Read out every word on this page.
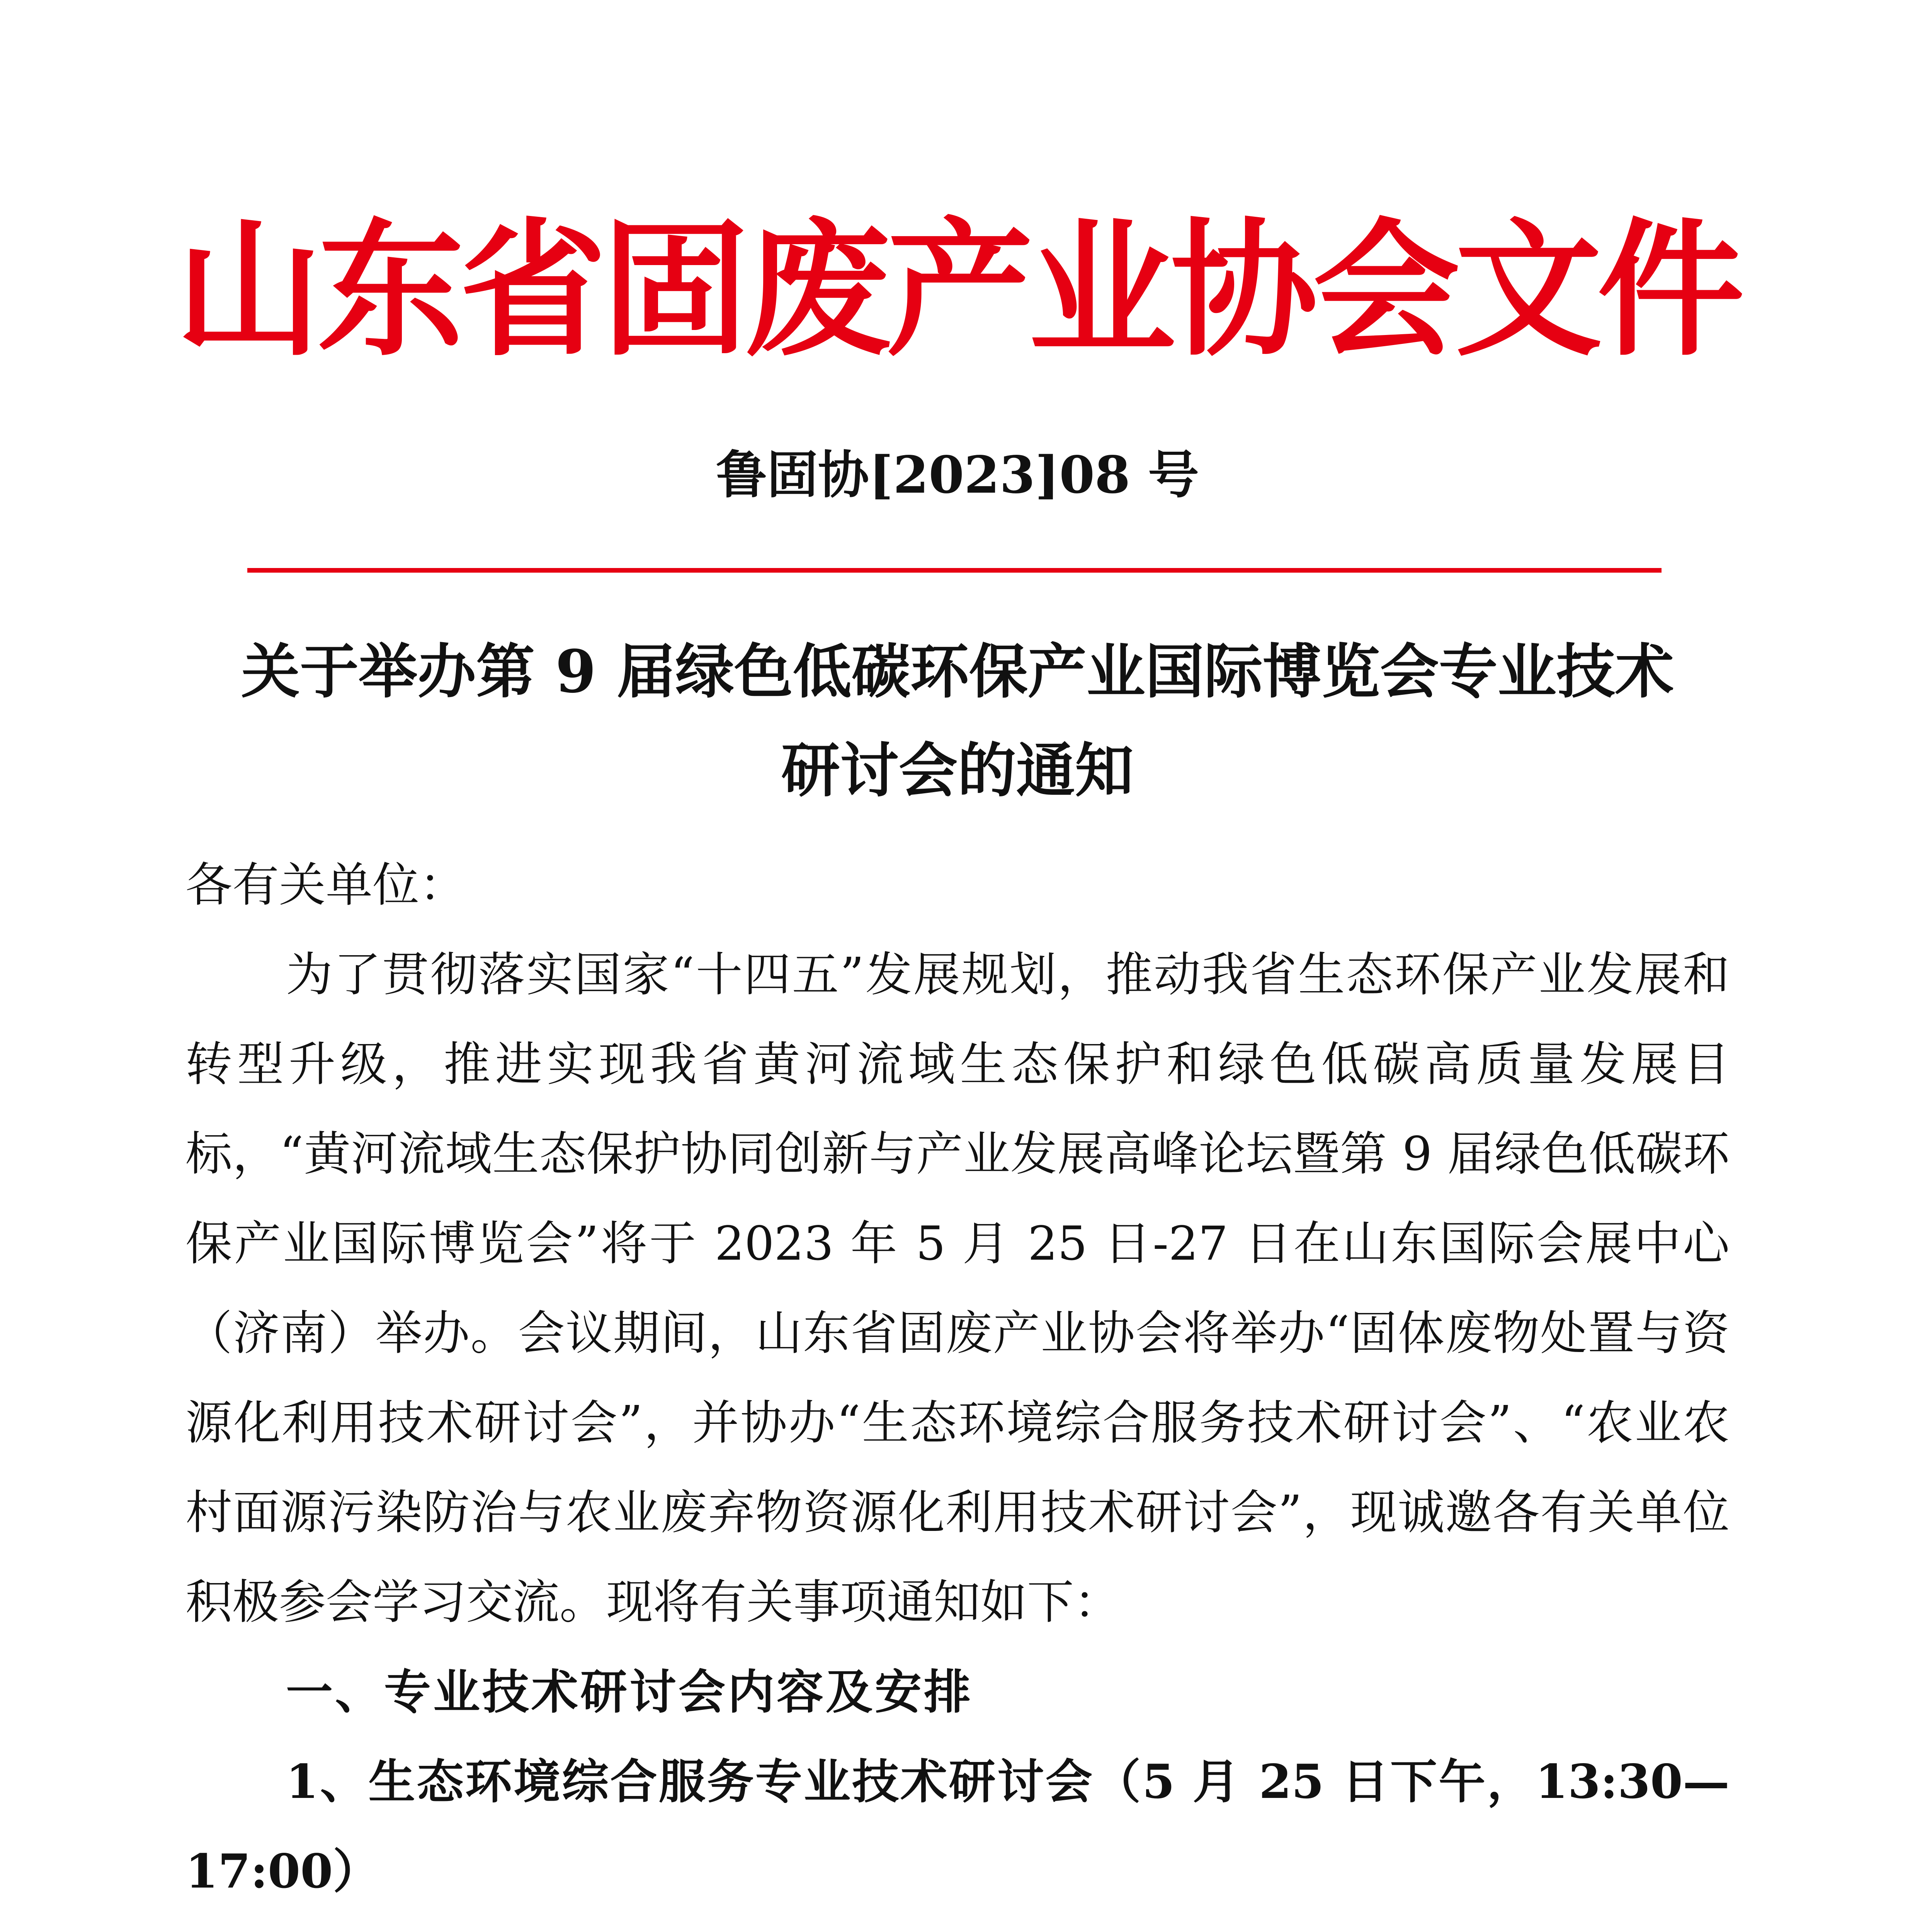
山东省固废产业协会文件
鲁固协[2023]08 号
关于举办第 9 届绿色低碳环保产业国际博览会专业技术
研讨会的通知

各有关单位：

为了贯彻落实国家“十四五”发展规划，推动我省生态环保产业发展和转型升级，推进实现我省黄河流域生态保护和绿色低碳高质量发展目标，“黄河流域生态保护协同创新与产业发展高峰论坛暨第 9 届绿色低碳环保产业国际博览会”将于 2023 年 5 月 25 日-27 日在山东国际会展中心（济南）举办。会议期间，山东省固废产业协会将举办“固体废物处置与资源化利用技术研讨会”，并协办“生态环境综合服务技术研讨会”、“农业农村面源污染防治与农业废弃物资源化利用技术研讨会”，现诚邀各有关单位积极参会学习交流。现将有关事项通知如下：

一、专业技术研讨会内容及安排

1、生态环境综合服务专业技术研讨会（5 月 25 日下午，13:30—17:00）
